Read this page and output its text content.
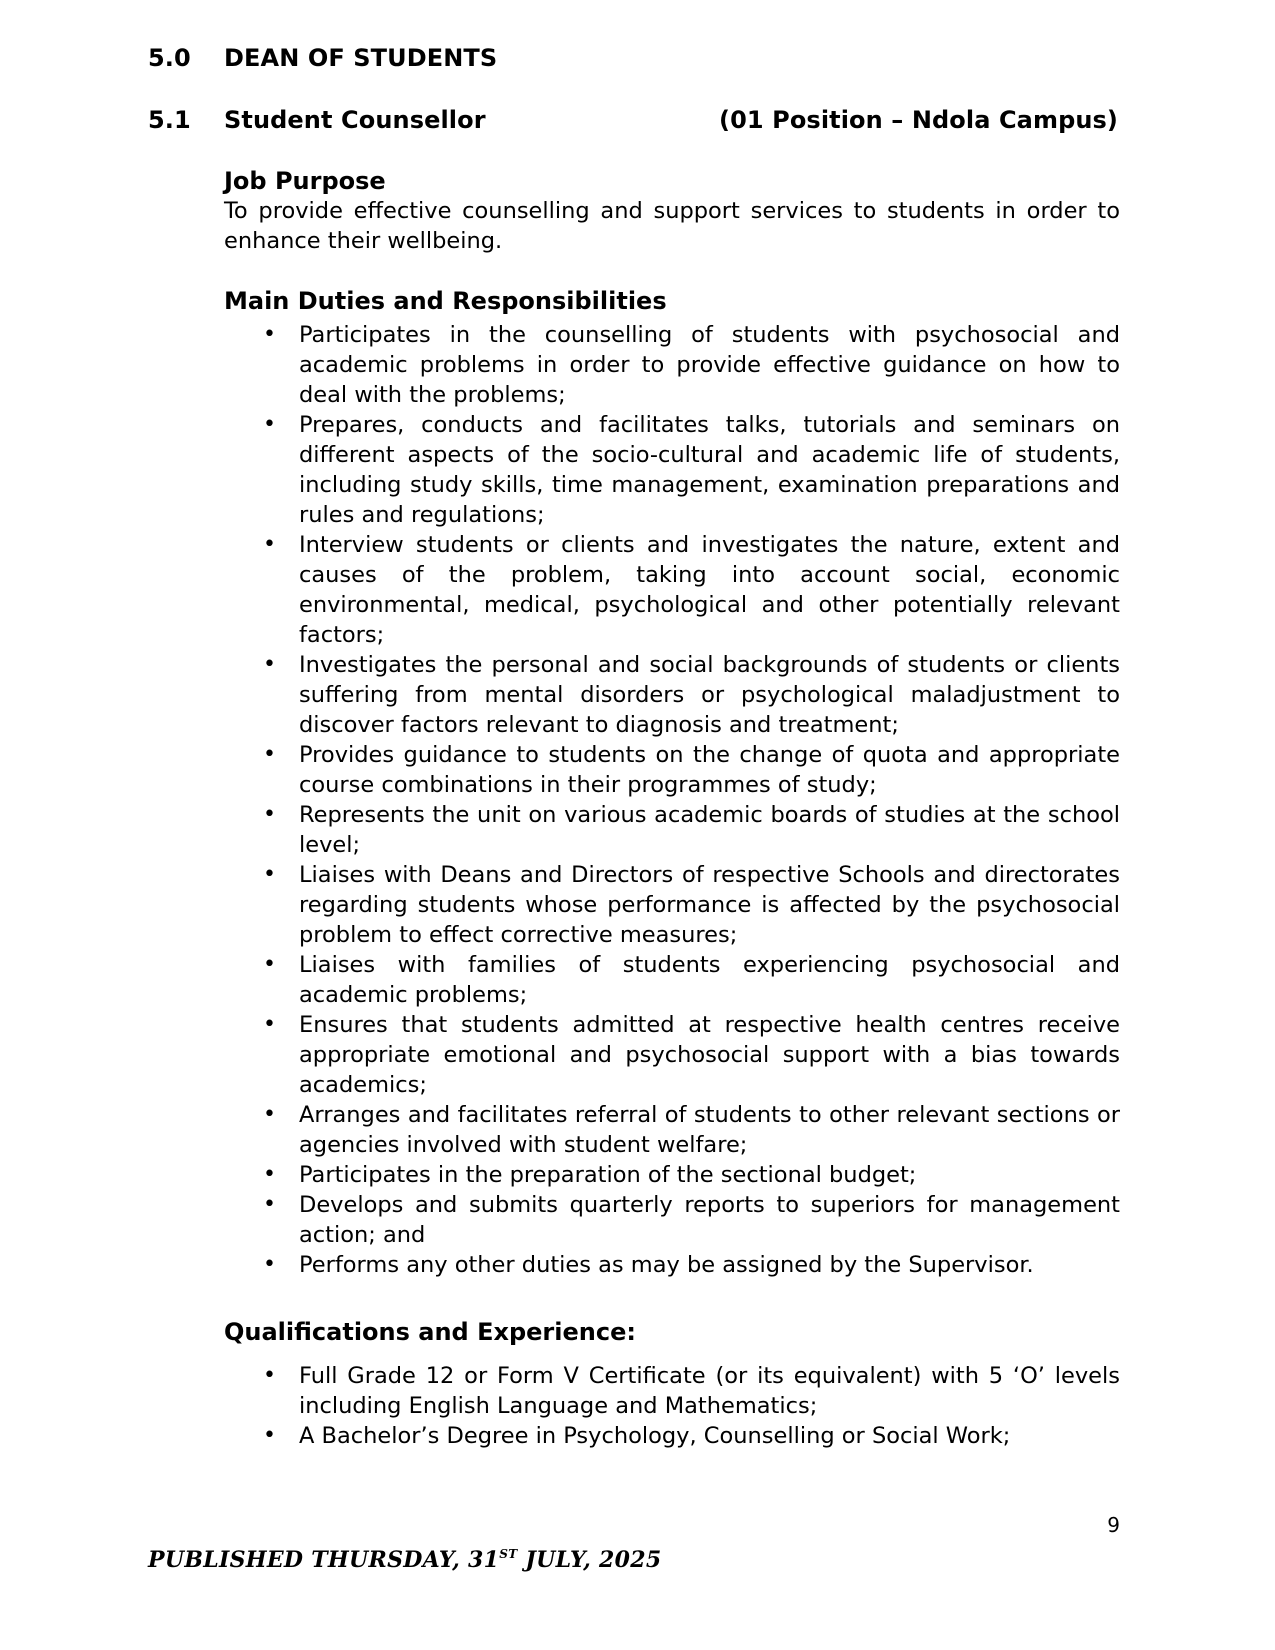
5.0 DEAN OF STUDENTS
5.1 Student Counsellor	(01 Position – Ndola Campus)
Job Purpose

To provide effective counselling and support services to students in order to enhance their wellbeing.

Main Duties and Responsibilities
• Participates in the counselling of students with psychosocial and academic problems in order to provide effective guidance on how to deal with the problems;
• Prepares, conducts and facilitates talks, tutorials and seminars on different aspects of the socio-cultural and academic life of students, including study skills, time management, examination preparations and rules and regulations;
• Interview students or clients and investigates the nature, extent and causes of the problem, taking into account social, economic environmental, medical, psychological and other potentially relevant factors;
• Investigates the personal and social backgrounds of students or clients suffering from mental disorders or psychological maladjustment to discover factors relevant to diagnosis and treatment;
• Provides guidance to students on the change of quota and appropriate course combinations in their programmes of study;
• Represents the unit on various academic boards of studies at the school level;
• Liaises with Deans and Directors of respective Schools and directorates regarding students whose performance is affected by the psychosocial problem to effect corrective measures;
• Liaises with families of students experiencing psychosocial and academic problems;
• Ensures that students admitted at respective health centres receive appropriate emotional and psychosocial support with a bias towards academics;
• Arranges and facilitates referral of students to other relevant sections or agencies involved with student welfare;
• Participates in the preparation of the sectional budget;
• Develops and submits quarterly reports to superiors for management action; and
• Performs any other duties as may be assigned by the Supervisor.
Qualifications and Experience:
• Full Grade 12 or Form V Certificate (or its equivalent) with 5 ‘O’ levels including English Language and Mathematics;
• A Bachelor’s Degree in Psychology, Counselling or Social Work;
9
PUBLISHED THURSDAY, 31ST JULY, 2025
